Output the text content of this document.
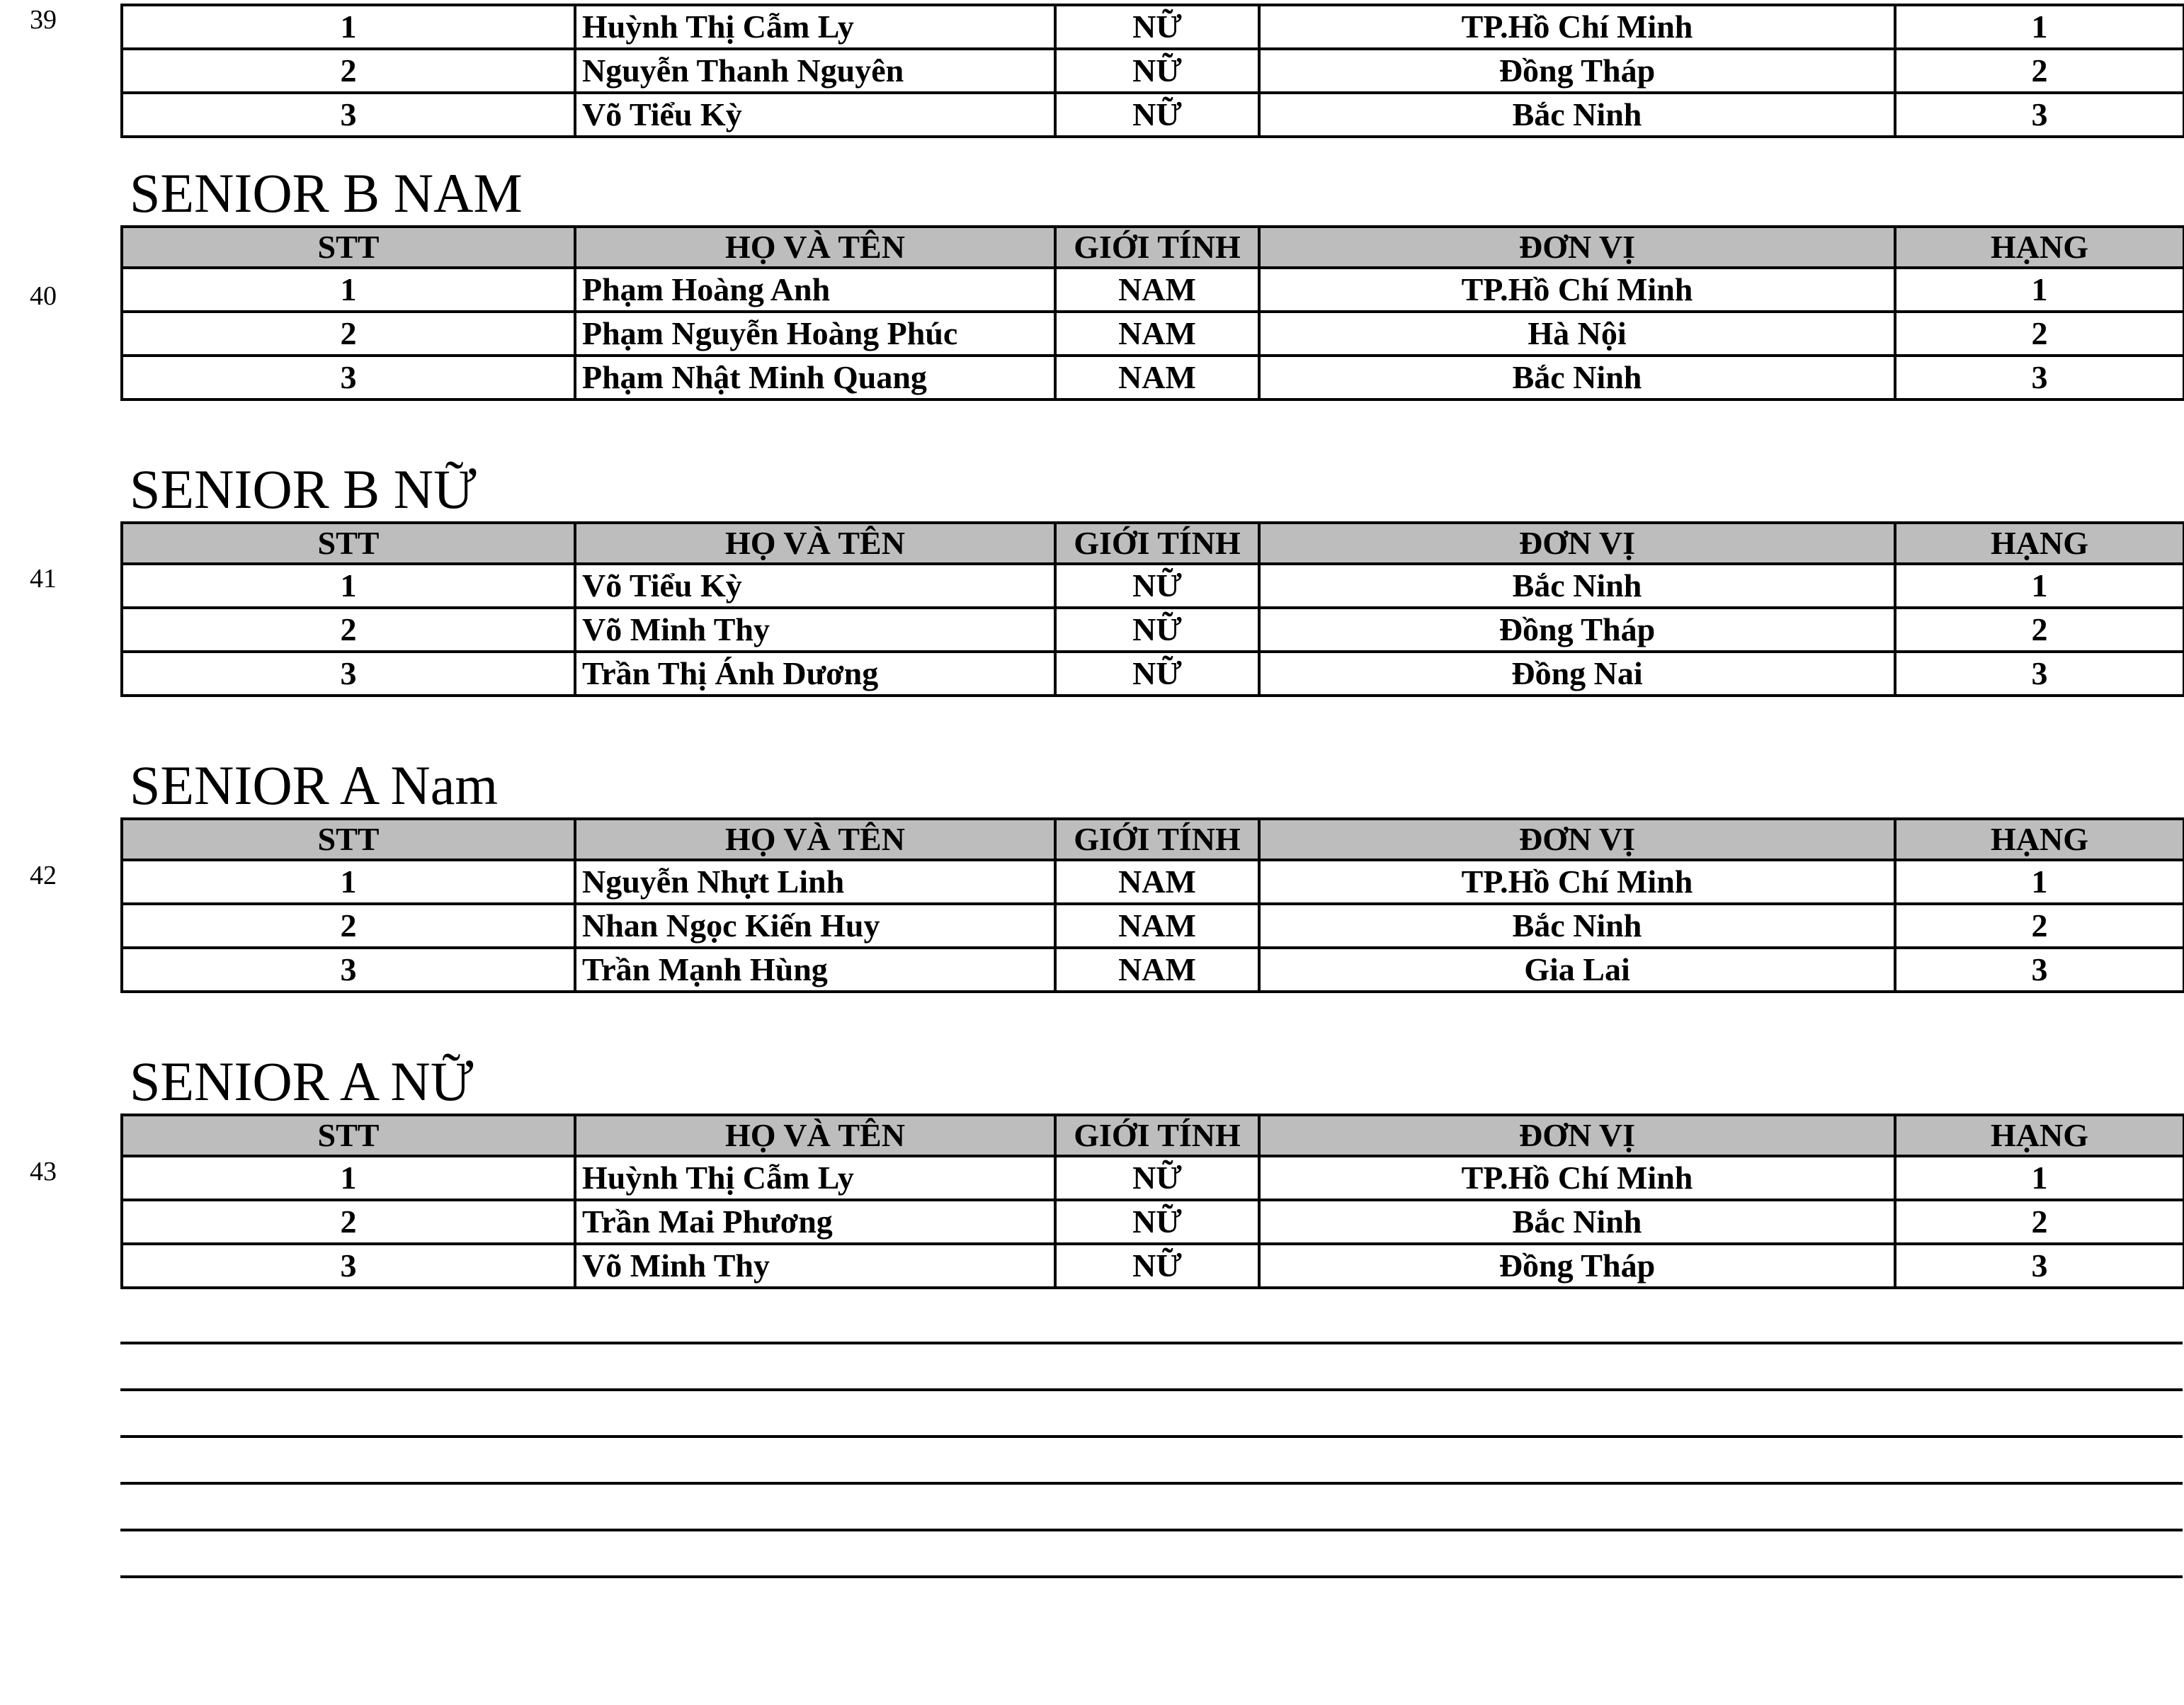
39	1	Huỳnh Thị Cẫm Ly	NỮ	TP.Hồ Chí Minh	1
2	Nguyễn Thanh Nguyên	NỮ	Đồng Tháp	2
3	Võ Tiểu Kỳ	NỮ	Bắc Ninh	3
SENIOR B NAM
40
STT	HỌ VÀ TÊN	GIỚI TÍNH	ĐƠN VỊ	HẠNG
1	Phạm Hoàng Anh	NAM	TP.Hồ Chí Minh	1
2	Phạm Nguyễn Hoàng Phúc	NAM	Hà Nội	2
3	Phạm Nhật Minh Quang	NAM	Bắc Ninh	3
SENIOR B NỮ
41
STT	HỌ VÀ TÊN	GIỚI TÍNH	ĐƠN VỊ	HẠNG
1	Võ Tiểu Kỳ	NỮ	Bắc Ninh	1
2	Võ Minh Thy	NỮ	Đồng Tháp	2
3	Trần Thị Ánh Dương	NỮ	Đồng Nai	3
SENIOR A Nam
42
STT	HỌ VÀ TÊN	GIỚI TÍNH	ĐƠN VỊ	HẠNG
1	Nguyễn Nhựt Linh	NAM	TP.Hồ Chí Minh	1
2	Nhan Ngọc Kiến Huy	NAM	Bắc Ninh	2
3	Trần Mạnh Hùng	NAM	Gia Lai	3
SENIOR A NỮ
43
STT	HỌ VÀ TÊN	GIỚI TÍNH	ĐƠN VỊ	HẠNG
1	Huỳnh Thị Cẫm Ly	NỮ	TP.Hồ Chí Minh	1
2	Trần Mai Phương	NỮ	Bắc Ninh	2
3	Võ Minh Thy	NỮ	Đồng Tháp	3
